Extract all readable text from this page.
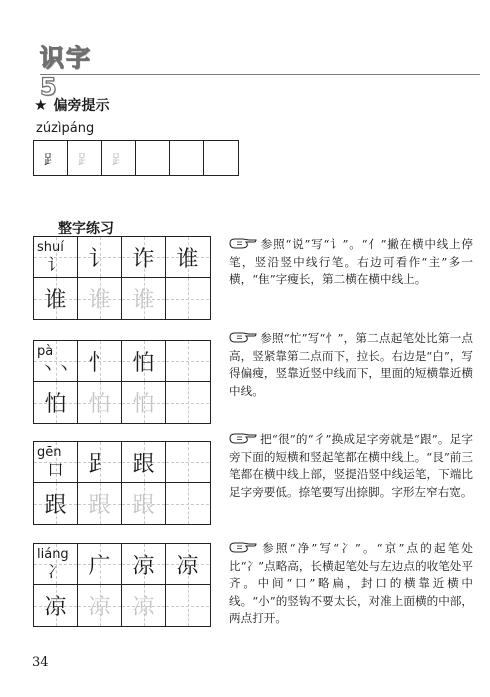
识字 5
★ 偏旁提示
zúzìpáng
𧾷	𧾷	𧾷
整字练习
shuí
讠	讠 诈 谁
谁 谁 谁
参照“说”写“讠”。“亻”撇在横中线上停笔，竖沿竖中线行笔。右边可看作“主”多一横，“隹”字瘦长，第二横在横中线上。
pà
丶丶 忄 怕
怕 怕 怕
参照“忙”写“忄”，第二点起笔处比第一点高，竖紧靠第二点而下，拉长。右边是“白”，写得偏瘦，竖靠近竖中线而下，里面的短横靠近横中线。
gēn
口	𧾷 跟
跟 跟 跟
把“很”的“彳”换成足字旁就是“跟”。足字旁下面的短横和竖起笔都在横中线上。“艮”前三笔都在横中线上部，竖提沿竖中线运笔，下端比足字旁要低。捺笔要写出捺脚。字形左窄右宽。
liáng
冫	广 凉 凉
凉 凉 凉
参照“净”写“冫”。“京”点的起笔处比“冫”点略高，长横起笔处与左边点的收笔处平齐。中间“口”略扁，封口的横靠近横中线。“小”的竖钩不要太长，对准上面横的中部，两点打开。
34
